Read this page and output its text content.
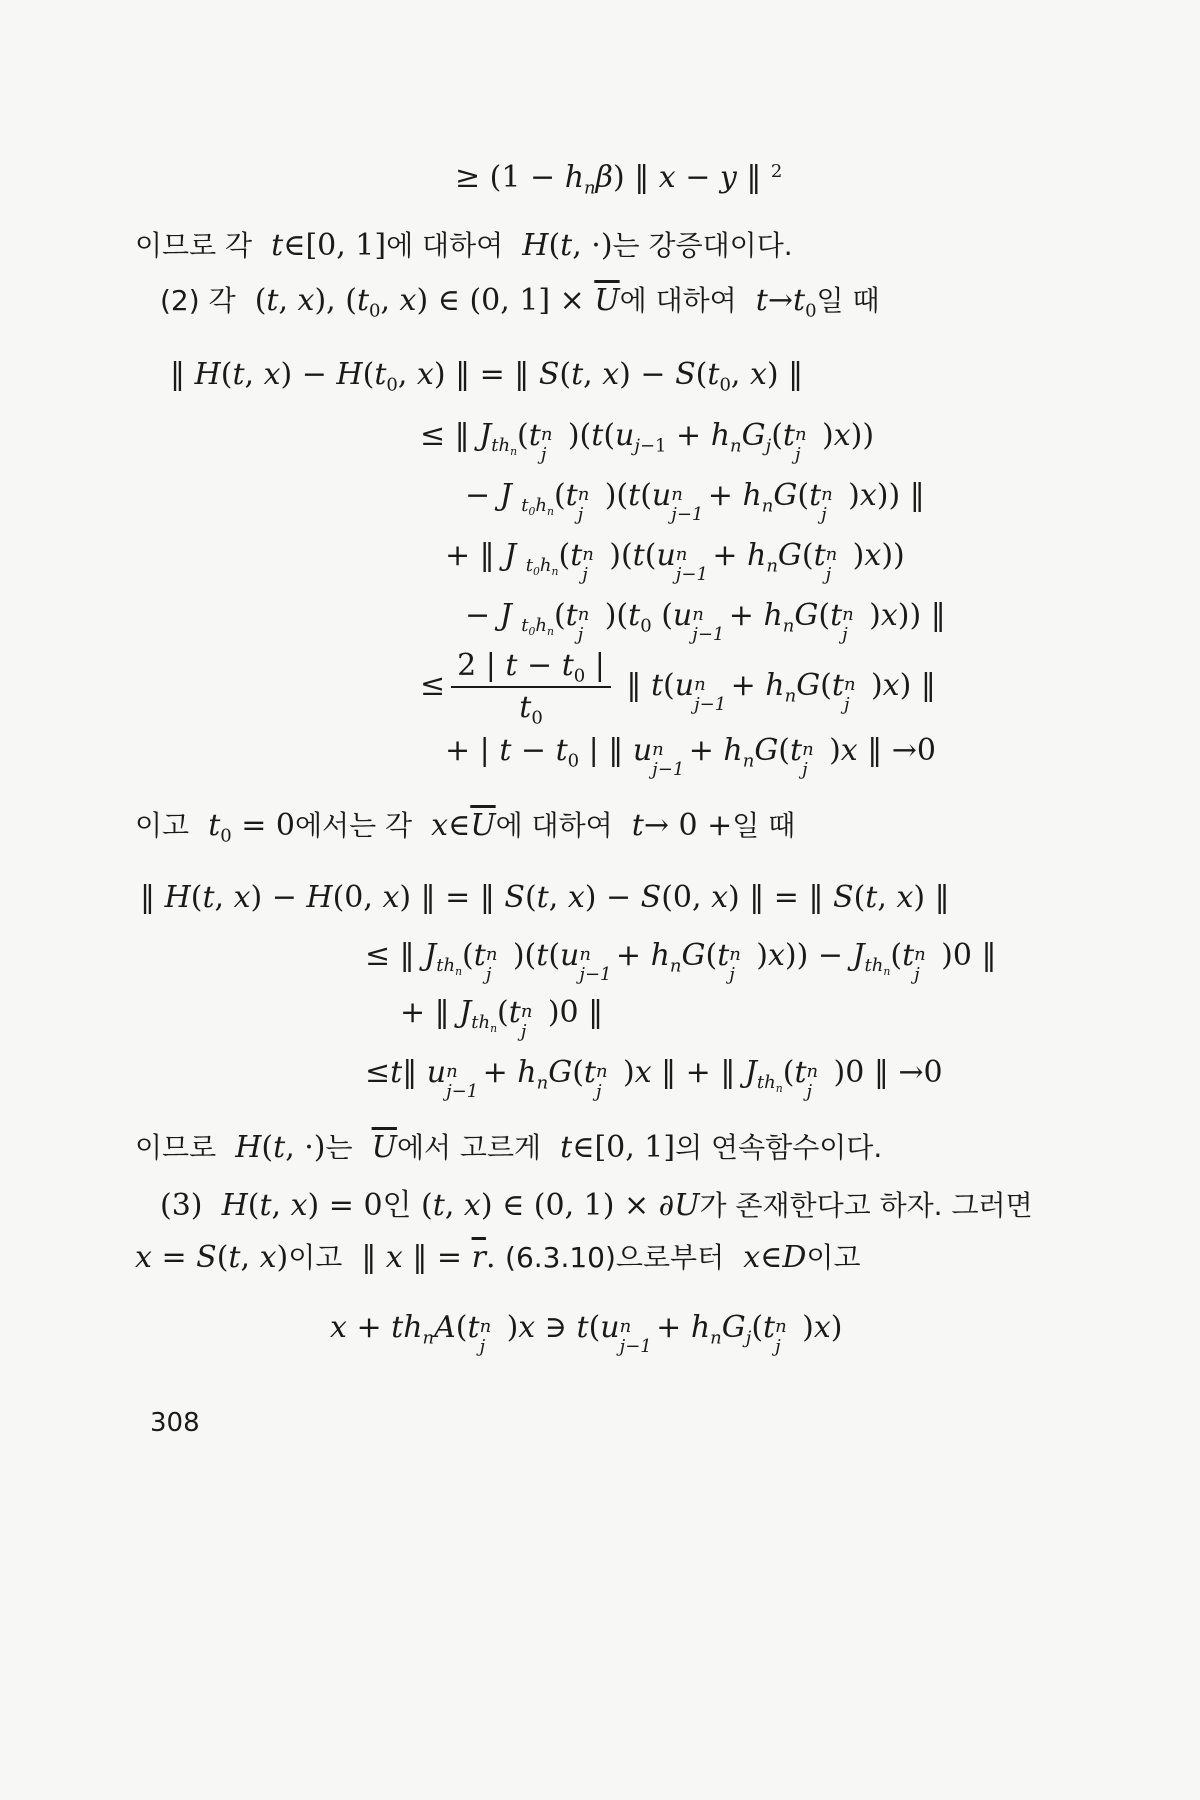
≥ $(1 - h_n\beta)$ ‖ x − y ‖ $^2$
이므로 각 t∈[0, 1]에 대하여 H(t, ·)는 강증대이다.
(2) 각  (t, x), ($t_0$, x) ∈ (0, $1] \times \overline{U}$에 대하여 $t\to t_0$일 때
‖ H(t, $x) - H(t_0$, x) ‖ = ‖ S(t, $x) - S(t_0$, x) ‖
≤ ‖ $J_{th_n}(t$ n
j
)($t(u_{j-1} + h_nG_j(t$ n
j
)x))
− J $_{t_0h_n}$(t n
j
)(t(u n
j−1
+ $h_nG(t$ n
j
)x)) ‖
+ ‖ J $_{t_0h_n}$(t n
j
)(t(u n
j−1
+ $h_nG(t$ n
j
)x))
− J $_{t_0h_n}$(t n
j
)($t_0$ (u n
j−1
+ $h_nG(t$ n
j
)x)) ‖
≤ $\frac{2 | t - t_0 |}{t_0}$ ‖ t(u n
j−1
+ $h_nG(t$ n
j
)x) ‖
+ | $t - t_0$ | ‖ u n
j−1
+ $h_nG(t$ n
j
)x ‖ →0
이고 $t_0 = 0$에서는 각 $x\in\overline{U}$에 대하여 t→ 0 +일 때
‖ H(t, x) − H(0, x) ‖ = ‖ S(t, x) − S(0, x) ‖ = ‖ S(t, x) ‖
≤ ‖ $J_{th_n}(t$ n
j
)(t(u n
j−1
+ $h_nG(t$ n
j
)$x)) - J_{th_n}(t$ n
j
)0 ‖
+ ‖ $J_{th_n}(t$ n
j
)0 ‖
≤t‖ u n
j−1
+ $h_nG(t$ n
j
)x ‖ + ‖ $J_{th_n}(t$ n
j
)0 ‖ →0
이므로 H(t, ·)는 $\overline{U}$에서 고르게 t∈[0, 1]의 연속함수이다.
(3) H(t, x) = 0인 (t, x) ∈ (0, 1) × ∂U가 존재한다고 하자. 그러면
x = S(t, x)이고  ‖ x ‖ = $\overline{r}$. (6.3.10)으로부터 x∈D이고
$x + th_nA(t$ n
j
)x ∋ t(u n
j−1
+ $h_nG_j(t$ n
j
)x)
308
